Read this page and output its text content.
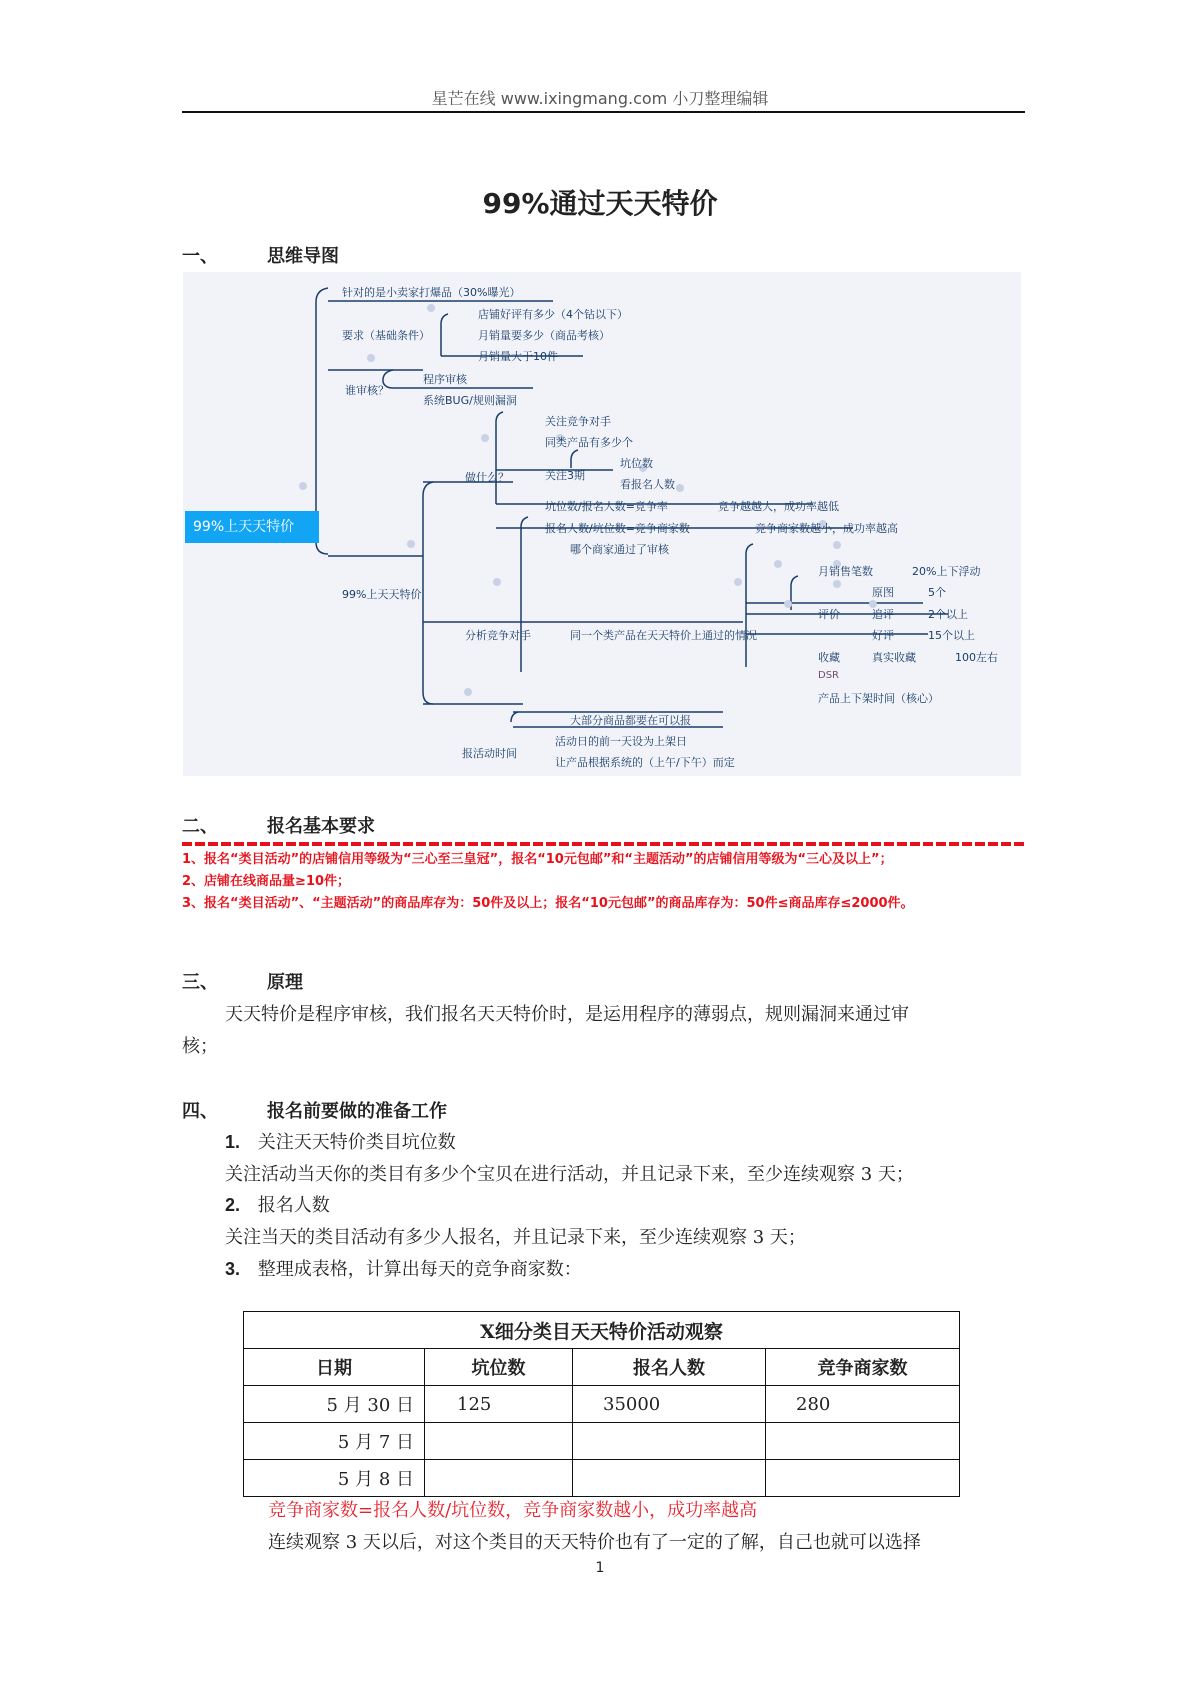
星芒在线 www.ixingmang.com 小刀整理编辑
99%通过天天特价
一、	思维导图
99%上天天特价
针对的是小卖家打爆品（30%曝光）
要求（基础条件）
店铺好评有多少（4个钻以下）
月销量要多少（商品考核）
月销量大于10件
谁审核？
程序审核
系统BUG/规则漏洞
99%上天天特价
做什么？
关注竞争对手
同类产品有多少个
关注3期
坑位数
看报名人数
坑位数/报名人数=竞争率	竞争越越大，成功率越低
报名人数/坑位数=竞争商家数	竞争商家数越小，成功率越高
分析竞争对手
哪个商家通过了审核
同一个类产品在天天特价上通过的情况
月销售笔数	20%上下浮动
评价
原图	5个
追评	2个以上
好评	15个以上
收藏	真实收藏	100左右
DSR
产品上下架时间（核心）
大部分商品都要在可以报
报活动时间
活动日的前一天设为上架日
让产品根据系统的（上午/下午）而定
二、	报名基本要求
1、报名“类目活动”的店铺信用等级为“三心至三皇冠”，报名“10元包邮”和“主题活动”的店铺信用等级为“三心及以上”；
2、店铺在线商品量≥10件；
3、报名“类目活动”、“主题活动”的商品库存为：50件及以上；报名“10元包邮”的商品库存为：50件≤商品库存≤2000件。
三、	原理
天天特价是程序审核，我们报名天天特价时，是运用程序的薄弱点，规则漏洞来通过审
核；
四、	报名前要做的准备工作
1. 关注天天特价类目坑位数
关注活动当天你的类目有多少个宝贝在进行活动，并且记录下来，至少连续观察 3 天；
2. 报名人数
关注当天的类目活动有多少人报名，并且记录下来，至少连续观察 3 天；
3. 整理成表格，计算出每天的竞争商家数：
X细分类目天天特价活动观察			
日期	坑位数	报名人数	竞争商家数
5 月 30 日	125	35000	280
5 月 7 日			
5 月 8 日			
竞争商家数=报名人数/坑位数，竞争商家数越小，成功率越高
连续观察 3 天以后，对这个类目的天天特价也有了一定的了解，自己也就可以选择
1
